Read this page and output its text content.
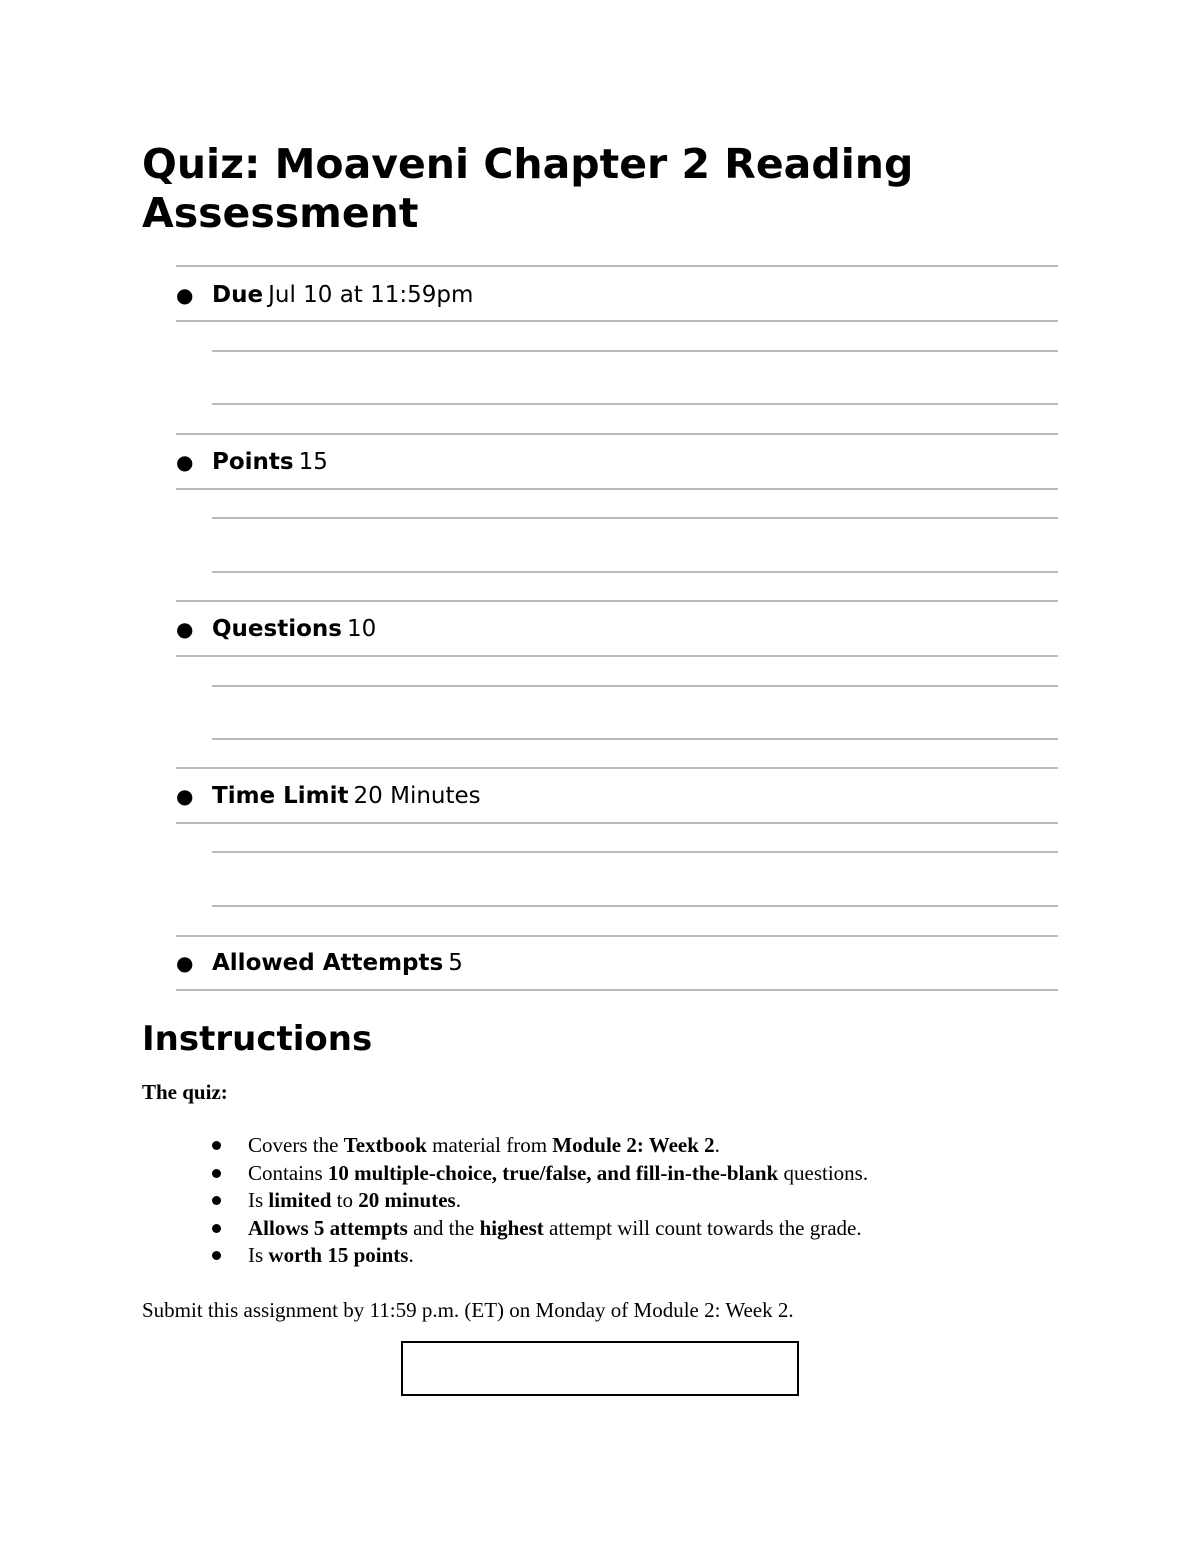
Quiz: Moaveni Chapter 2 Reading Assessment
● Due Jul 10 at 11:59pm
● Points 15
● Questions 10
● Time Limit 20 Minutes
● Allowed Attempts 5
Instructions
The quiz:
Covers the Textbook material from Module 2: Week 2.
Contains 10 multiple-choice, true/false, and fill-in-the-blank questions.
Is limited to 20 minutes.
Allows 5 attempts and the highest attempt will count towards the grade.
Is worth 15 points.
Submit this assignment by 11:59 p.m. (ET) on Monday of Module 2: Week 2.
